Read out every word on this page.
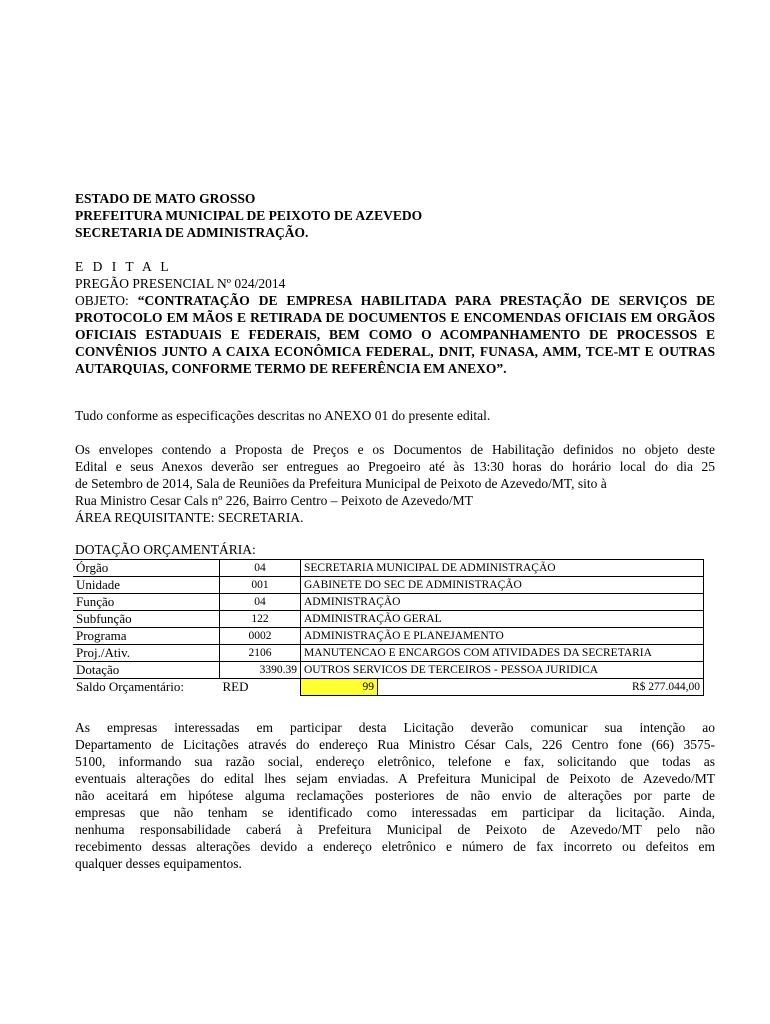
ESTADO DE MATO GROSSO
PREFEITURA MUNICIPAL DE PEIXOTO DE AZEVEDO
SECRETARIA DE ADMINISTRAÇÃO.
E D I T A L
PREGÃO PRESENCIAL Nº 024/2014
OBJETO: “CONTRATAÇÃO DE EMPRESA HABILITADA PARA PRESTAÇÃO DE SERVIÇOS DE PROTOCOLO EM MÃOS E RETIRADA DE DOCUMENTOS E ENCOMENDAS OFICIAIS EM ORGÃOS OFICIAIS ESTADUAIS E FEDERAIS, BEM COMO O ACOMPANHAMENTO DE PROCESSOS E CONVÊNIOS JUNTO A CAIXA ECONÔMICA FEDERAL, DNIT, FUNASA, AMM, TCE-MT E OUTRAS AUTARQUIAS, CONFORME TERMO DE REFERÊNCIA EM ANEXO”.
Tudo conforme as especificações descritas no ANEXO 01 do presente edital.
Os envelopes contendo a Proposta de Preços e os Documentos de Habilitação definidos no objeto deste
Edital e seus Anexos deverão ser entregues ao Pregoeiro até às 13:30 horas do horário local do dia 25
de Setembro de 2014, Sala de Reuniões da Prefeitura Municipal de Peixoto de Azevedo/MT, sito à
Rua Ministro Cesar Cals nº 226, Bairro Centro – Peixoto de Azevedo/MT
ÁREA REQUISITANTE: SECRETARIA.
DOTAÇÃO ORÇAMENTÁRIA:
Órgão	04	SECRETARIA MUNICIPAL DE ADMINISTRAÇÃO	
Unidade	001	GABINETE DO SEC DE ADMINISTRAÇÃO	
Função	04	ADMINISTRAÇÃO	
Subfunção	122	ADMINISTRAÇÃO GERAL	
Programa	0002	ADMINISTRAÇÃO E PLANEJAMENTO	
Proj./Ativ.	2106	MANUTENCAO E ENCARGOS COM ATIVIDADES DA SECRETARIA	
Dotação	3390.39	OUTROS SERVICOS DE TERCEIROS - PESSOA JURIDICA	
Saldo Orçamentário:	RED	99	R$ 277.044,00
As empresas interessadas em participar desta Licitação deverão comunicar sua intenção ao
Departamento de Licitações através do endereço Rua Ministro César Cals, 226 Centro fone (66) 3575-
5100, informando sua razão social, endereço eletrônico, telefone e fax, solicitando que todas as
eventuais alterações do edital lhes sejam enviadas. A Prefeitura Municipal de Peixoto de Azevedo/MT
não aceitará em hipótese alguma reclamações posteriores de não envio de alterações por parte de
empresas que não tenham se identificado como interessadas em participar da licitação. Ainda,
nenhuma responsabilidade caberá à Prefeitura Municipal de Peixoto de Azevedo/MT pelo não
recebimento dessas alterações devido a endereço eletrônico e número de fax incorreto ou defeitos em
qualquer desses equipamentos.
